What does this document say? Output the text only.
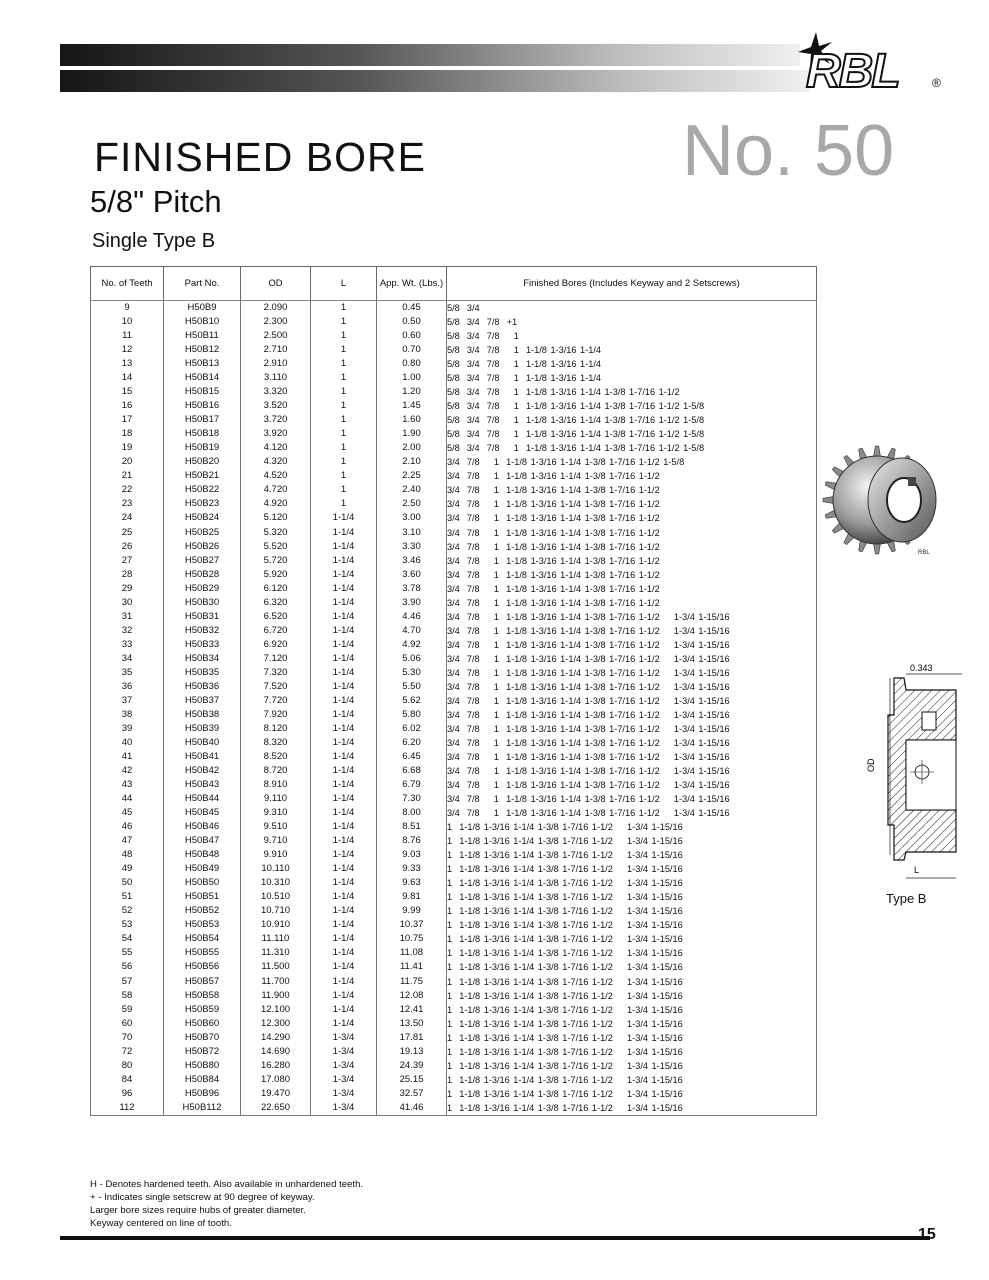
RBL	®
FINISHED BORE	No. 50
5/8" Pitch
Single Type B
No. of Teeth	Part No.	OD	L	App. Wt. (Lbs.)	Finished Bores (Includes Keyway and 2 Setscrews)
9	H50B9	2.090	1	0.45	5/8  3/4
10	H50B10	2.300	1	0.50	5/8  3/4  7/8  +1
11	H50B11	2.500	1	0.60	5/8  3/4  7/8    1
12	H50B12	2.710	1	0.70	5/8  3/4  7/8    1  1-1/8 1-3/16 1-1/4
13	H50B13	2.910	1	0.80	5/8  3/4  7/8    1  1-1/8 1-3/16 1-1/4
14	H50B14	3.110	1	1.00	5/8  3/4  7/8    1  1-1/8 1-3/16 1-1/4
15	H50B15	3.320	1	1.20	5/8  3/4  7/8    1  1-1/8 1-3/16 1-1/4 1-3/8 1-7/16 1-1/2
16	H50B16	3.520	1	1.45	5/8  3/4  7/8    1  1-1/8 1-3/16 1-1/4 1-3/8 1-7/16 1-1/2 1-5/8
17	H50B17	3.720	1	1.60	5/8  3/4  7/8    1  1-1/8 1-3/16 1-1/4 1-3/8 1-7/16 1-1/2 1-5/8
18	H50B18	3.920	1	1.90	5/8  3/4  7/8    1  1-1/8 1-3/16 1-1/4 1-3/8 1-7/16 1-1/2 1-5/8
19	H50B19	4.120	1	2.00	5/8  3/4  7/8    1  1-1/8 1-3/16 1-1/4 1-3/8 1-7/16 1-1/2 1-5/8
20	H50B20	4.320	1	2.10	3/4  7/8    1  1-1/8 1-3/16 1-1/4 1-3/8 1-7/16 1-1/2 1-5/8
21	H50B21	4.520	1	2.25	3/4  7/8    1  1-1/8 1-3/16 1-1/4 1-3/8 1-7/16 1-1/2
22	H50B22	4.720	1	2.40	3/4  7/8    1  1-1/8 1-3/16 1-1/4 1-3/8 1-7/16 1-1/2
23	H50B23	4.920	1	2.50	3/4  7/8    1  1-1/8 1-3/16 1-1/4 1-3/8 1-7/16 1-1/2
24	H50B24	5.120	1-1/4	3.00	3/4  7/8    1  1-1/8 1-3/16 1-1/4 1-3/8 1-7/16 1-1/2
25	H50B25	5.320	1-1/4	3.10	3/4  7/8    1  1-1/8 1-3/16 1-1/4 1-3/8 1-7/16 1-1/2
26	H50B26	5.520	1-1/4	3.30	3/4  7/8    1  1-1/8 1-3/16 1-1/4 1-3/8 1-7/16 1-1/2
27	H50B27	5.720	1-1/4	3.46	3/4  7/8    1  1-1/8 1-3/16 1-1/4 1-3/8 1-7/16 1-1/2
28	H50B28	5.920	1-1/4	3.60	3/4  7/8    1  1-1/8 1-3/16 1-1/4 1-3/8 1-7/16 1-1/2
29	H50B29	6.120	1-1/4	3.78	3/4  7/8    1  1-1/8 1-3/16 1-1/4 1-3/8 1-7/16 1-1/2
30	H50B30	6.320	1-1/4	3.90	3/4  7/8    1  1-1/8 1-3/16 1-1/4 1-3/8 1-7/16 1-1/2
31	H50B31	6.520	1-1/4	4.46	3/4  7/8    1  1-1/8 1-3/16 1-1/4 1-3/8 1-7/16 1-1/2    1-3/4 1-15/16
32	H50B32	6.720	1-1/4	4.70	3/4  7/8    1  1-1/8 1-3/16 1-1/4 1-3/8 1-7/16 1-1/2    1-3/4 1-15/16
33	H50B33	6.920	1-1/4	4.92	3/4  7/8    1  1-1/8 1-3/16 1-1/4 1-3/8 1-7/16 1-1/2    1-3/4 1-15/16
34	H50B34	7.120	1-1/4	5.06	3/4  7/8    1  1-1/8 1-3/16 1-1/4 1-3/8 1-7/16 1-1/2    1-3/4 1-15/16
35	H50B35	7.320	1-1/4	5.30	3/4  7/8    1  1-1/8 1-3/16 1-1/4 1-3/8 1-7/16 1-1/2    1-3/4 1-15/16
36	H50B36	7.520	1-1/4	5.50	3/4  7/8    1  1-1/8 1-3/16 1-1/4 1-3/8 1-7/16 1-1/2    1-3/4 1-15/16
37	H50B37	7.720	1-1/4	5.62	3/4  7/8    1  1-1/8 1-3/16 1-1/4 1-3/8 1-7/16 1-1/2    1-3/4 1-15/16
38	H50B38	7.920	1-1/4	5.80	3/4  7/8    1  1-1/8 1-3/16 1-1/4 1-3/8 1-7/16 1-1/2    1-3/4 1-15/16
39	H50B39	8.120	1-1/4	6.02	3/4  7/8    1  1-1/8 1-3/16 1-1/4 1-3/8 1-7/16 1-1/2    1-3/4 1-15/16
40	H50B40	8.320	1-1/4	6.20	3/4  7/8    1  1-1/8 1-3/16 1-1/4 1-3/8 1-7/16 1-1/2    1-3/4 1-15/16
41	H50B41	8.520	1-1/4	6.45	3/4  7/8    1  1-1/8 1-3/16 1-1/4 1-3/8 1-7/16 1-1/2    1-3/4 1-15/16
42	H50B42	8.720	1-1/4	6.68	3/4  7/8    1  1-1/8 1-3/16 1-1/4 1-3/8 1-7/16 1-1/2    1-3/4 1-15/16
43	H50B43	8.910	1-1/4	6.79	3/4  7/8    1  1-1/8 1-3/16 1-1/4 1-3/8 1-7/16 1-1/2    1-3/4 1-15/16
44	H50B44	9.110	1-1/4	7.30	3/4  7/8    1  1-1/8 1-3/16 1-1/4 1-3/8 1-7/16 1-1/2    1-3/4 1-15/16
45	H50B45	9.310	1-1/4	8.00	3/4  7/8    1  1-1/8 1-3/16 1-1/4 1-3/8 1-7/16 1-1/2    1-3/4 1-15/16
46	H50B46	9.510	1-1/4	8.51	1  1-1/8 1-3/16 1-1/4 1-3/8 1-7/16 1-1/2    1-3/4 1-15/16
47	H50B47	9.710	1-1/4	8.76	1  1-1/8 1-3/16 1-1/4 1-3/8 1-7/16 1-1/2    1-3/4 1-15/16
48	H50B48	9.910	1-1/4	9.03	1  1-1/8 1-3/16 1-1/4 1-3/8 1-7/16 1-1/2    1-3/4 1-15/16
49	H50B49	10.110	1-1/4	9.33	1  1-1/8 1-3/16 1-1/4 1-3/8 1-7/16 1-1/2    1-3/4 1-15/16
50	H50B50	10.310	1-1/4	9.63	1  1-1/8 1-3/16 1-1/4 1-3/8 1-7/16 1-1/2    1-3/4 1-15/16
51	H50B51	10.510	1-1/4	9.81	1  1-1/8 1-3/16 1-1/4 1-3/8 1-7/16 1-1/2    1-3/4 1-15/16
52	H50B52	10.710	1-1/4	9.99	1  1-1/8 1-3/16 1-1/4 1-3/8 1-7/16 1-1/2    1-3/4 1-15/16
53	H50B53	10.910	1-1/4	10.37	1  1-1/8 1-3/16 1-1/4 1-3/8 1-7/16 1-1/2    1-3/4 1-15/16
54	H50B54	11.110	1-1/4	10.75	1  1-1/8 1-3/16 1-1/4 1-3/8 1-7/16 1-1/2    1-3/4 1-15/16
55	H50B55	11.310	1-1/4	11.08	1  1-1/8 1-3/16 1-1/4 1-3/8 1-7/16 1-1/2    1-3/4 1-15/16
56	H50B56	11.500	1-1/4	11.41	1  1-1/8 1-3/16 1-1/4 1-3/8 1-7/16 1-1/2    1-3/4 1-15/16
57	H50B57	11.700	1-1/4	11.75	1  1-1/8 1-3/16 1-1/4 1-3/8 1-7/16 1-1/2    1-3/4 1-15/16
58	H50B58	11.900	1-1/4	12.08	1  1-1/8 1-3/16 1-1/4 1-3/8 1-7/16 1-1/2    1-3/4 1-15/16
59	H50B59	12.100	1-1/4	12.41	1  1-1/8 1-3/16 1-1/4 1-3/8 1-7/16 1-1/2    1-3/4 1-15/16
60	H50B60	12.300	1-1/4	13.50	1  1-1/8 1-3/16 1-1/4 1-3/8 1-7/16 1-1/2    1-3/4 1-15/16
70	H50B70	14.290	1-3/4	17.81	1  1-1/8 1-3/16 1-1/4 1-3/8 1-7/16 1-1/2    1-3/4 1-15/16
72	H50B72	14.690	1-3/4	19.13	1  1-1/8 1-3/16 1-1/4 1-3/8 1-7/16 1-1/2    1-3/4 1-15/16
80	H50B80	16.280	1-3/4	24.39	1  1-1/8 1-3/16 1-1/4 1-3/8 1-7/16 1-1/2    1-3/4 1-15/16
84	H50B84	17.080	1-3/4	25.15	1  1-1/8 1-3/16 1-1/4 1-3/8 1-7/16 1-1/2    1-3/4 1-15/16
96	H50B96	19.470	1-3/4	32.57	1  1-1/8 1-3/16 1-1/4 1-3/8 1-7/16 1-1/2    1-3/4 1-15/16
112	H50B112	22.650	1-3/4	41.46	1  1-1/8 1-3/16 1-1/4 1-3/8 1-7/16 1-1/2    1-3/4 1-15/16
RBL
0.343
OD
L
Type B
H - Denotes hardened teeth. Also available in unhardened teeth.
+ - Indicates single setscrew at 90 degree of keyway.
Larger bore sizes require hubs of greater diameter.
Keyway centered on line of tooth.
15
